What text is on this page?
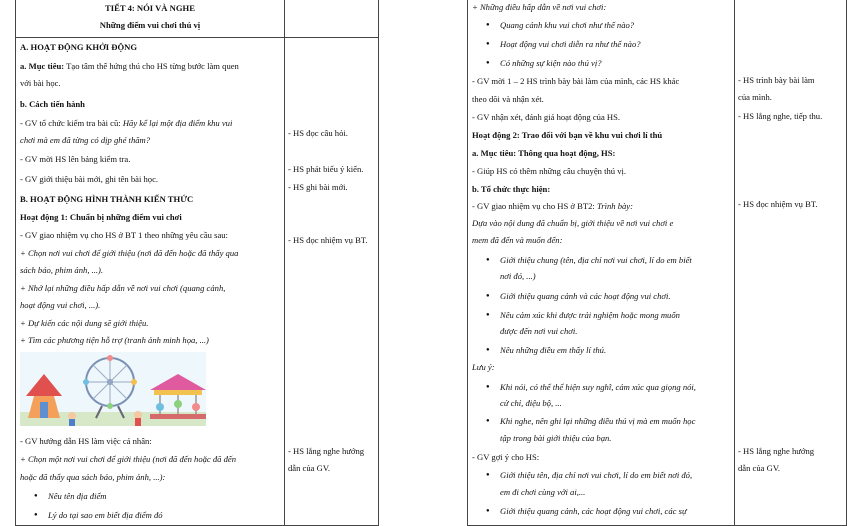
TIẾT 4: NÓI VÀ NGHE
Những điểm vui chơi thú vị
A. HOẠT ĐỘNG KHỞI ĐỘNG
a. Mục tiêu: Tạo tâm thế hứng thú cho HS từng bước làm quen
với bài học.
b. Cách tiến hành
- GV tổ chức kiểm tra bài cũ: Hãy kể lại một địa điểm khu vui
chơi mà em đã từng có dịp ghé thăm?
- GV mời HS lên bảng kiểm tra.
- GV giới thiệu bài mới, ghi tên bài học.
B. HOẠT ĐỘNG HÌNH THÀNH KIẾN THỨC
Hoạt động 1: Chuẩn bị những điểm vui chơi
- GV giao nhiệm vụ cho HS ở BT 1 theo những yêu cầu sau:
+ Chọn nơi vui chơi để giới thiệu (nơi đã đến hoặc đã thấy qua
sách báo, phim ảnh, ...).
+ Nhớ lại những điều hấp dẫn về nơi vui chơi (quang cảnh,
hoạt động vui chơi, ...).
+ Dự kiến các nội dung sẽ giới thiệu.
+ Tìm các phương tiện hỗ trợ (tranh ảnh minh họa, ...)
- GV hướng dẫn HS làm việc cá nhân:
+ Chọn một nơi vui chơi để giới thiệu (nơi đã đến hoặc đã đến
hoặc đã thấy qua sách báo, phim ảnh, ...):
● Nêu tên địa điểm
● Lý do tại sao em biết địa điểm đó
- HS đọc câu hỏi.
- HS phát biểu ý kiến.
- HS ghi bài mới.
- HS đọc nhiệm vụ BT.
- HS lắng nghe hướng
dẫn của GV.
+ Những điều hấp dẫn về nơi vui chơi:
● Quang cảnh khu vui chơi như thế nào?
● Hoạt động vui chơi diễn ra như thế nào?
● Có những sự kiện nào thú vị?
- GV mời 1 – 2 HS trình bày bài làm của mình, các HS khác
theo dõi và nhận xét.
- GV nhận xét, đánh giá hoạt động của HS.
Hoạt động 2: Trao đổi với bạn về khu vui chơi lí thú
a. Mục tiêu: Thông qua hoạt động, HS:
- Giúp HS có thêm những câu chuyện thú vị.
b. Tổ chức thực hiện:
- GV giao nhiệm vụ cho HS ở BT2: Trình bày:
Dựa vào nội dung đã chuẩn bị, giới thiệu về nơi vui chơi e
mem đã đến và muốn đến:
● Giới thiệu chung (tên, địa chỉ nơi vui chơi, lí do em biết
nơi đó, ...)
● Giới thiệu quang cảnh và các hoạt động vui chơi.
● Nêu cảm xúc khi được trải nghiệm hoặc mong muốn
được đến nơi vui chơi.
● Nêu những điều em thấy lí thú.
Lưu ý:
● Khi nói, có thể thể hiện suy nghĩ, cảm xúc qua giọng nói,
cử chỉ, điệu bộ, ...
● Khi nghe, nên ghi lại những điều thú vị mà em muốn học
tập trong bài giới thiệu của bạn.
- GV gợi ý cho HS:
● Giới thiệu tên, địa chỉ nơi vui chơi, lí do em biết nơi đó,
em đi chơi cùng với ai,...
● Giới thiệu quang cảnh, các hoạt động vui chơi, các sự
- HS trình bày bài làm
của mình.
- HS lắng nghe, tiếp thu.
- HS đọc nhiệm vụ BT.
- HS lắng nghe hướng
dẫn của GV.
